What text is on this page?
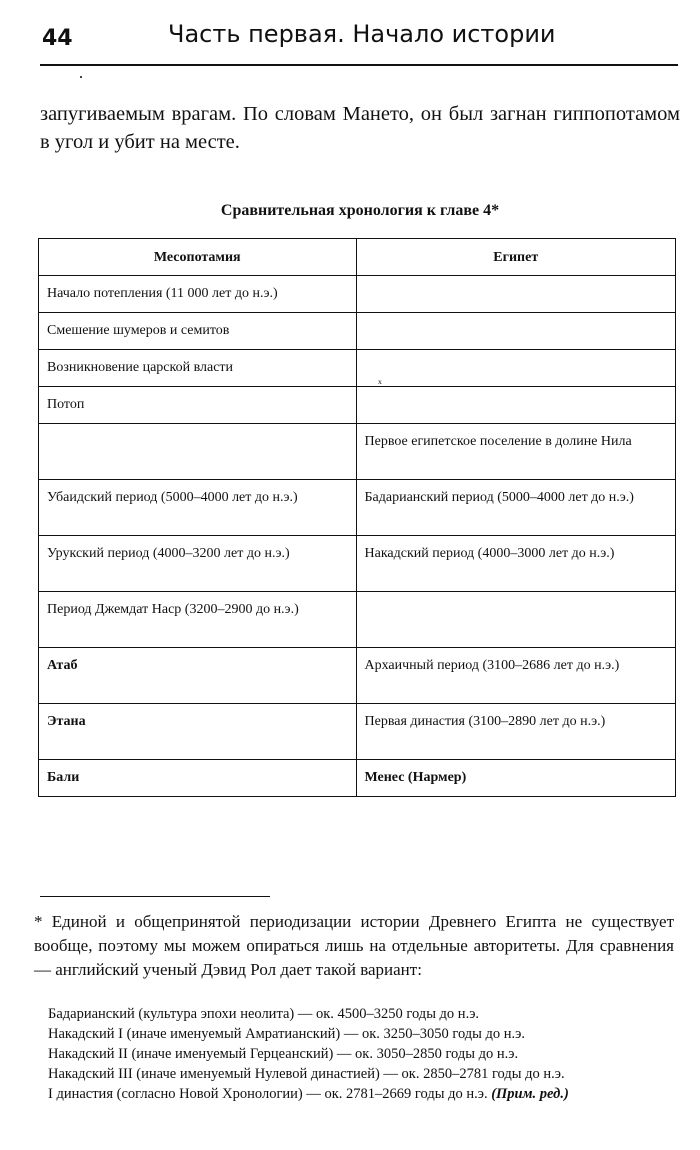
44	Часть первая. Начало истории
запугиваемым врагам. По словам Мането, он был загнан гиппопотамом в угол и убит на месте.
Сравнительная хронология к главе 4*
Месопотамия	Египет
Начало потепления (11 000 лет до н.э.)	
Смешение шумеров и семитов	
Возникновение царской власти	
Потоп	
	Первое египетское поселение в долине Нила
Убаидский период (5000–4000 лет до н.э.)	Бадарианский период (5000–4000 лет до н.э.)
Урукский период (4000–3200 лет до н.э.)	Накадский период (4000–3000 лет до н.э.)
Период Джемдат Наср (3200–2900 до н.э.)	
Атаб	Архаичный период (3100–2686 лет до н.э.)
Этана	Первая династия (3100–2890 лет до н.э.)
Бали	Менес (Нармер)
ₓ
* Единой и общепринятой периодизации истории Древнего Египта не существует вообще, поэтому мы можем опираться лишь на отдельные авторитеты. Для сравнения — английский ученый Дэвид Рол дает такой вариант:
Бадарианский (культура эпохи неолита) — ок. 4500–3250 годы до н.э.
Накадский I (иначе именуемый Амратианский) — ок. 3250–3050 годы до н.э.
Накадский II (иначе именуемый Герцеанский) — ок. 3050–2850 годы до н.э.
Накадский III (иначе именуемый Нулевой династией) — ок. 2850–2781 годы до н.э.
I династия (согласно Новой Хронологии) — ок. 2781–2669 годы до н.э. (Прим. ред.)
